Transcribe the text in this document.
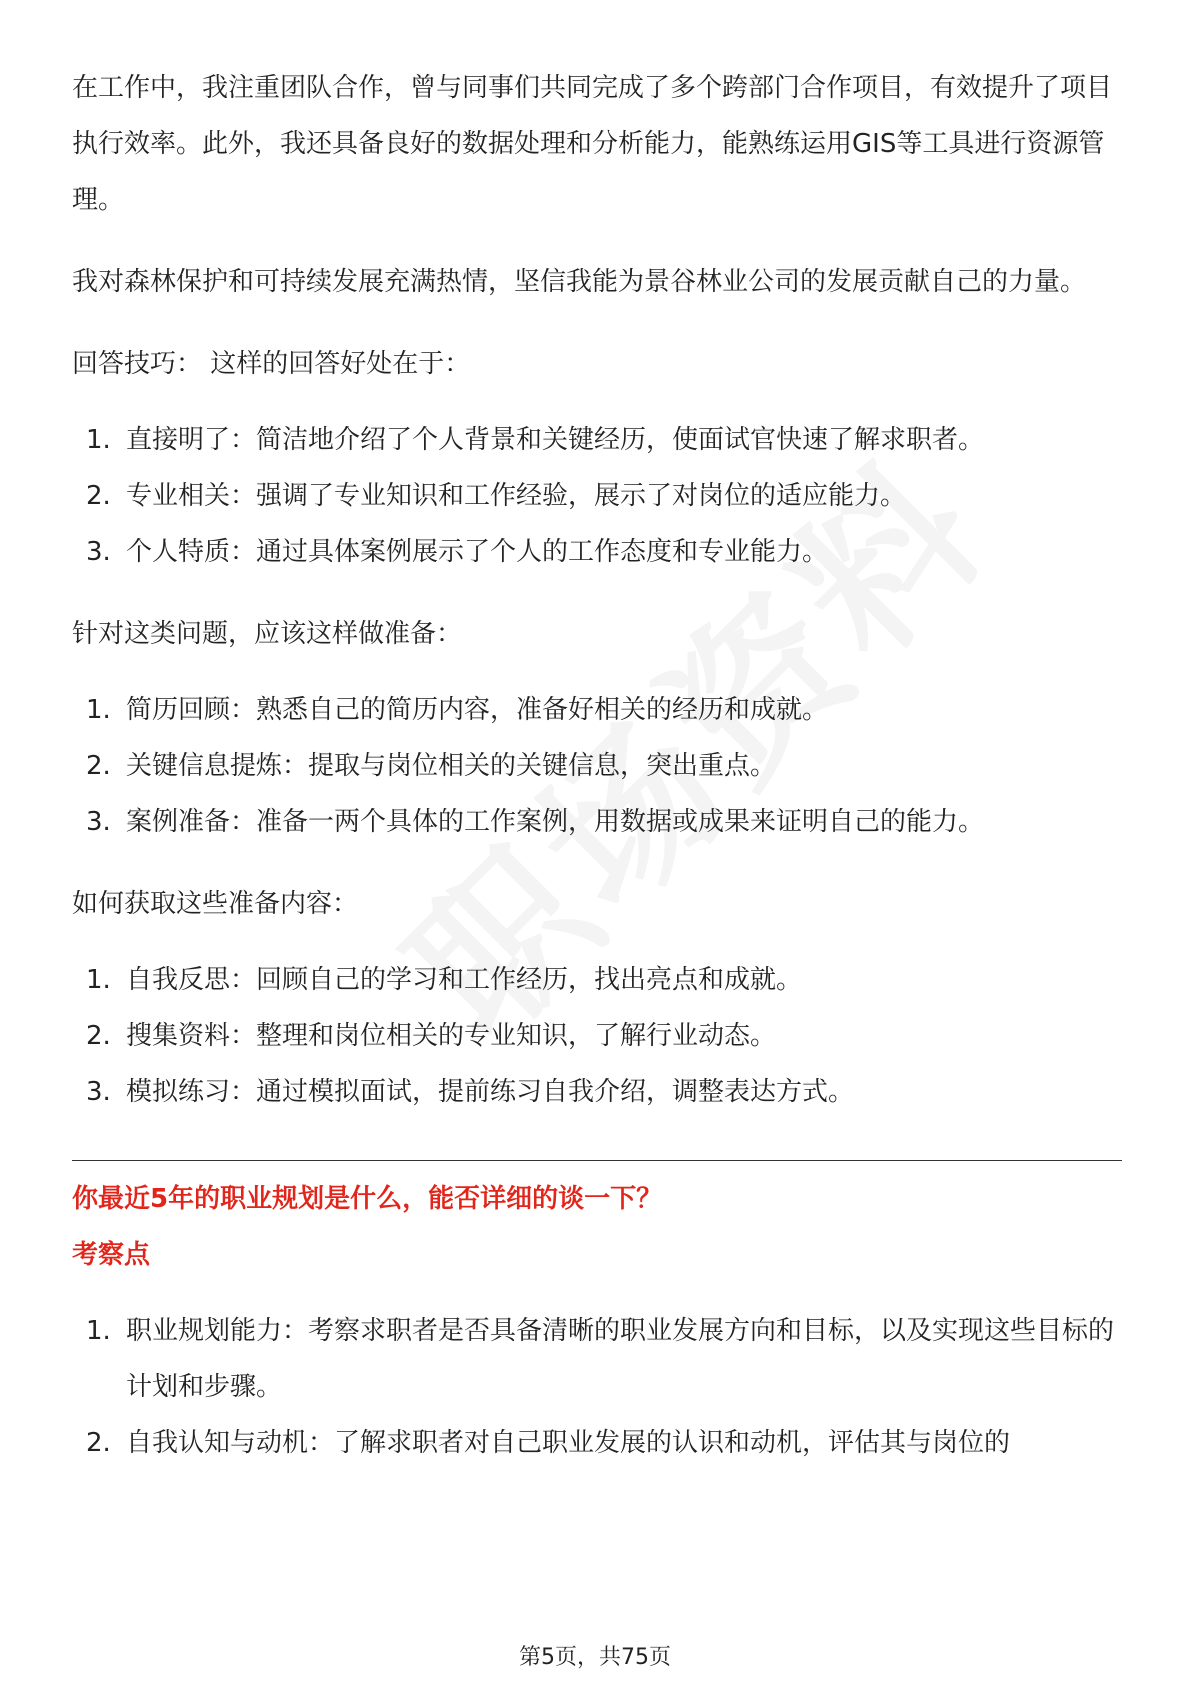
在工作中，我注重团队合作，曾与同事们共同完成了多个跨部门合作项目，有效提升了项目执行效率。此外，我还具备良好的数据处理和分析能力，能熟练运用GIS等工具进行资源管理。

我对森林保护和可持续发展充满热情，坚信我能为景谷林业公司的发展贡献自己的力量。

回答技巧： 这样的回答好处在于：

1. 直接明了：简洁地介绍了个人背景和关键经历，使面试官快速了解求职者。
2. 专业相关：强调了专业知识和工作经验，展示了对岗位的适应能力。
3. 个人特质：通过具体案例展示了个人的工作态度和专业能力。

针对这类问题，应该这样做准备：

1. 简历回顾：熟悉自己的简历内容，准备好相关的经历和成就。
2. 关键信息提炼：提取与岗位相关的关键信息，突出重点。
3. 案例准备：准备一两个具体的工作案例，用数据或成果来证明自己的能力。

如何获取这些准备内容：

1. 自我反思：回顾自己的学习和工作经历，找出亮点和成就。
2. 搜集资料：整理和岗位相关的专业知识，了解行业动态。
3. 模拟练习：通过模拟面试，提前练习自我介绍，调整表达方式。

你最近5年的职业规划是什么，能否详细的谈一下？

考察点

1. 职业规划能力：考察求职者是否具备清晰的职业发展方向和目标，以及实现这些目标的计划和步骤。
2. 自我认知与动机：了解求职者对自己职业发展的认识和动机，评估其与岗位的
第5页，共75页
